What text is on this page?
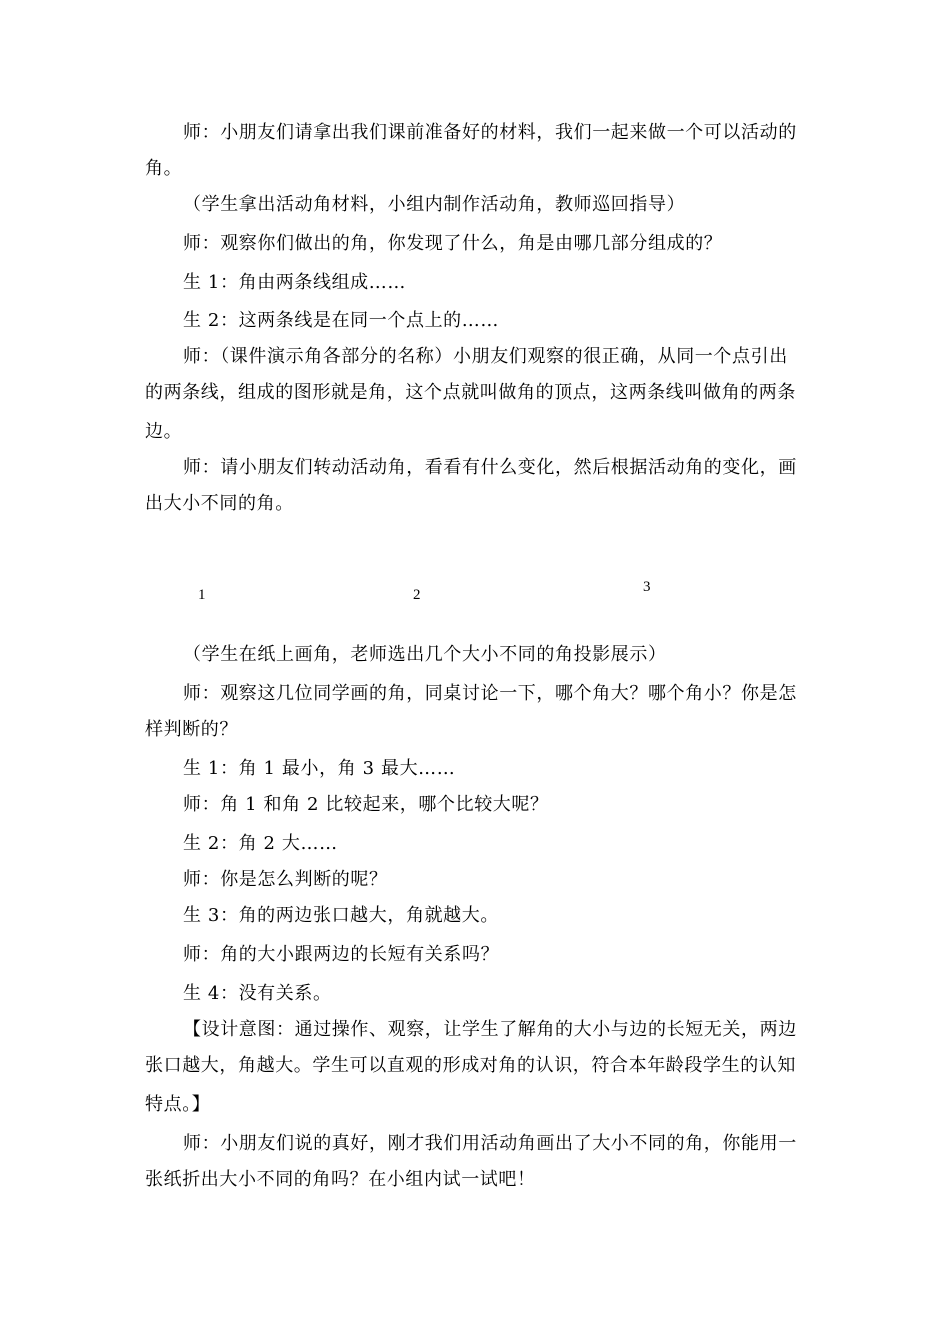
师：小朋友们请拿出我们课前准备好的材料，我们一起来做一个可以活动的
角。
（学生拿出活动角材料，小组内制作活动角，教师巡回指导）
师：观察你们做出的角，你发现了什么，角是由哪几部分组成的？
生 1：角由两条线组成……
生 2：这两条线是在同一个点上的……
师：（课件演示角各部分的名称）小朋友们观察的很正确，从同一个点引出
的两条线，组成的图形就是角，这个点就叫做角的顶点，这两条线叫做角的两条
边。
师：请小朋友们转动活动角，看看有什么变化，然后根据活动角的变化，画
出大小不同的角。
1	2	3
（学生在纸上画角，老师选出几个大小不同的角投影展示）
师：观察这几位同学画的角，同桌讨论一下，哪个角大？哪个角小？你是怎
样判断的？
生 1：角 1 最小，角 3 最大……
师：角 1 和角 2 比较起来，哪个比较大呢？
生 2：角 2 大……
师：你是怎么判断的呢？
生 3：角的两边张口越大，角就越大。
师：角的大小跟两边的长短有关系吗？
生 4：没有关系。
【设计意图：通过操作、观察，让学生了解角的大小与边的长短无关，两边
张口越大，角越大。学生可以直观的形成对角的认识，符合本年龄段学生的认知
特点。】
师：小朋友们说的真好，刚才我们用活动角画出了大小不同的角，你能用一
张纸折出大小不同的角吗？在小组内试一试吧！
